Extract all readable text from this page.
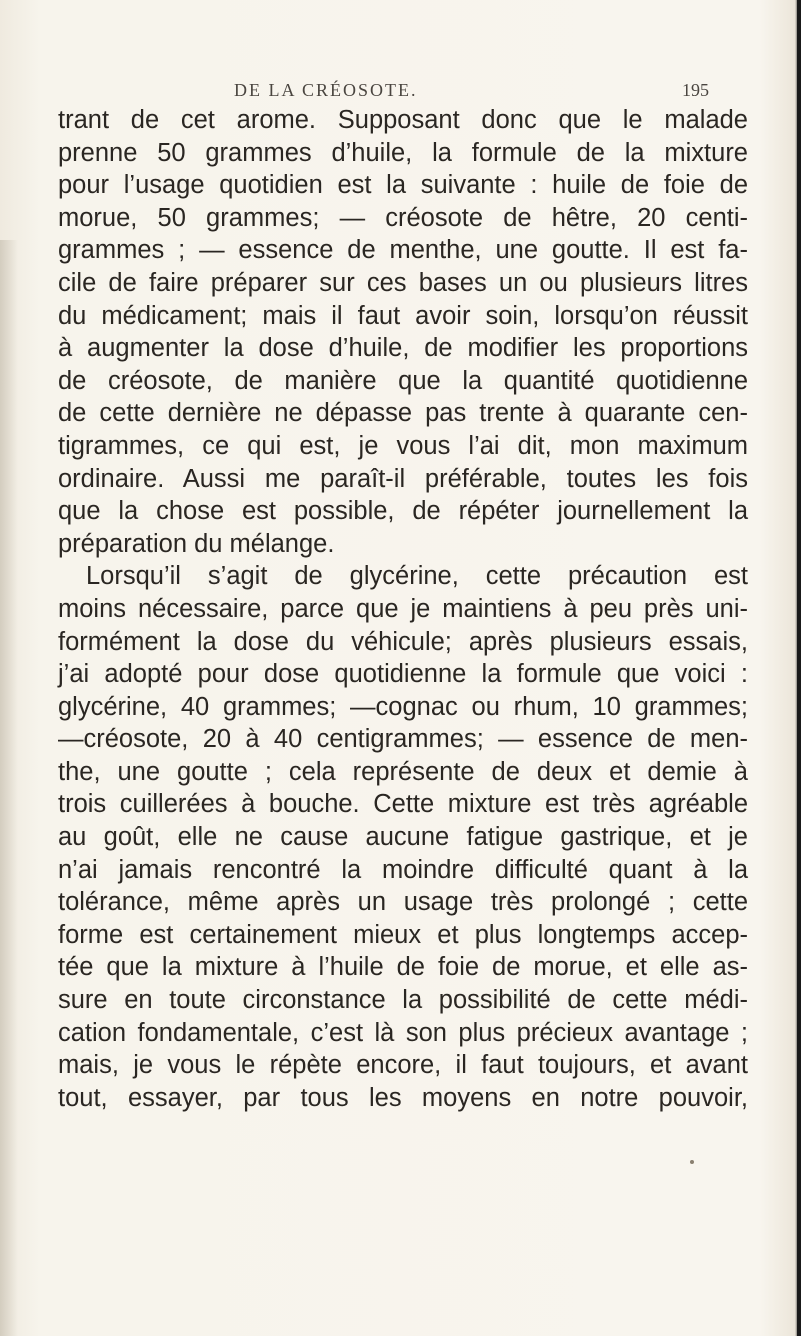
DE LA CRÉOSOTE.	195
trant de cet arome. Supposant donc que le malade
prenne 50 grammes d’huile, la formule de la mixture
pour l’usage quotidien est la suivante : huile de foie de
morue, 50 grammes; — créosote de hêtre, 20 centi-
grammes ; — essence de menthe, une goutte. Il est fa-
cile de faire préparer sur ces bases un ou plusieurs litres
du médicament; mais il faut avoir soin, lorsqu’on réussit
à augmenter la dose d’huile, de modifier les proportions
de créosote, de manière que la quantité quotidienne
de cette dernière ne dépasse pas trente à quarante cen-
tigrammes, ce qui est, je vous l’ai dit, mon maximum
ordinaire. Aussi me paraît-il préférable, toutes les fois
que la chose est possible, de répéter journellement la
préparation du mélange.
Lorsqu’il s’agit de glycérine, cette précaution est
moins nécessaire, parce que je maintiens à peu près uni-
formément la dose du véhicule; après plusieurs essais,
j’ai adopté pour dose quotidienne la formule que voici :
glycérine, 40 grammes; —cognac ou rhum, 10 grammes;
—créosote, 20 à 40 centigrammes; — essence de men-
the, une goutte ; cela représente de deux et demie à
trois cuillerées à bouche. Cette mixture est très agréable
au goût, elle ne cause aucune fatigue gastrique, et je
n’ai jamais rencontré la moindre difficulté quant à la
tolérance, même après un usage très prolongé ; cette
forme est certainement mieux et plus longtemps accep-
tée que la mixture à l’huile de foie de morue, et elle as-
sure en toute circonstance la possibilité de cette médi-
cation fondamentale, c’est là son plus précieux avantage ;
mais, je vous le répète encore, il faut toujours, et avant
tout, essayer, par tous les moyens en notre pouvoir,
